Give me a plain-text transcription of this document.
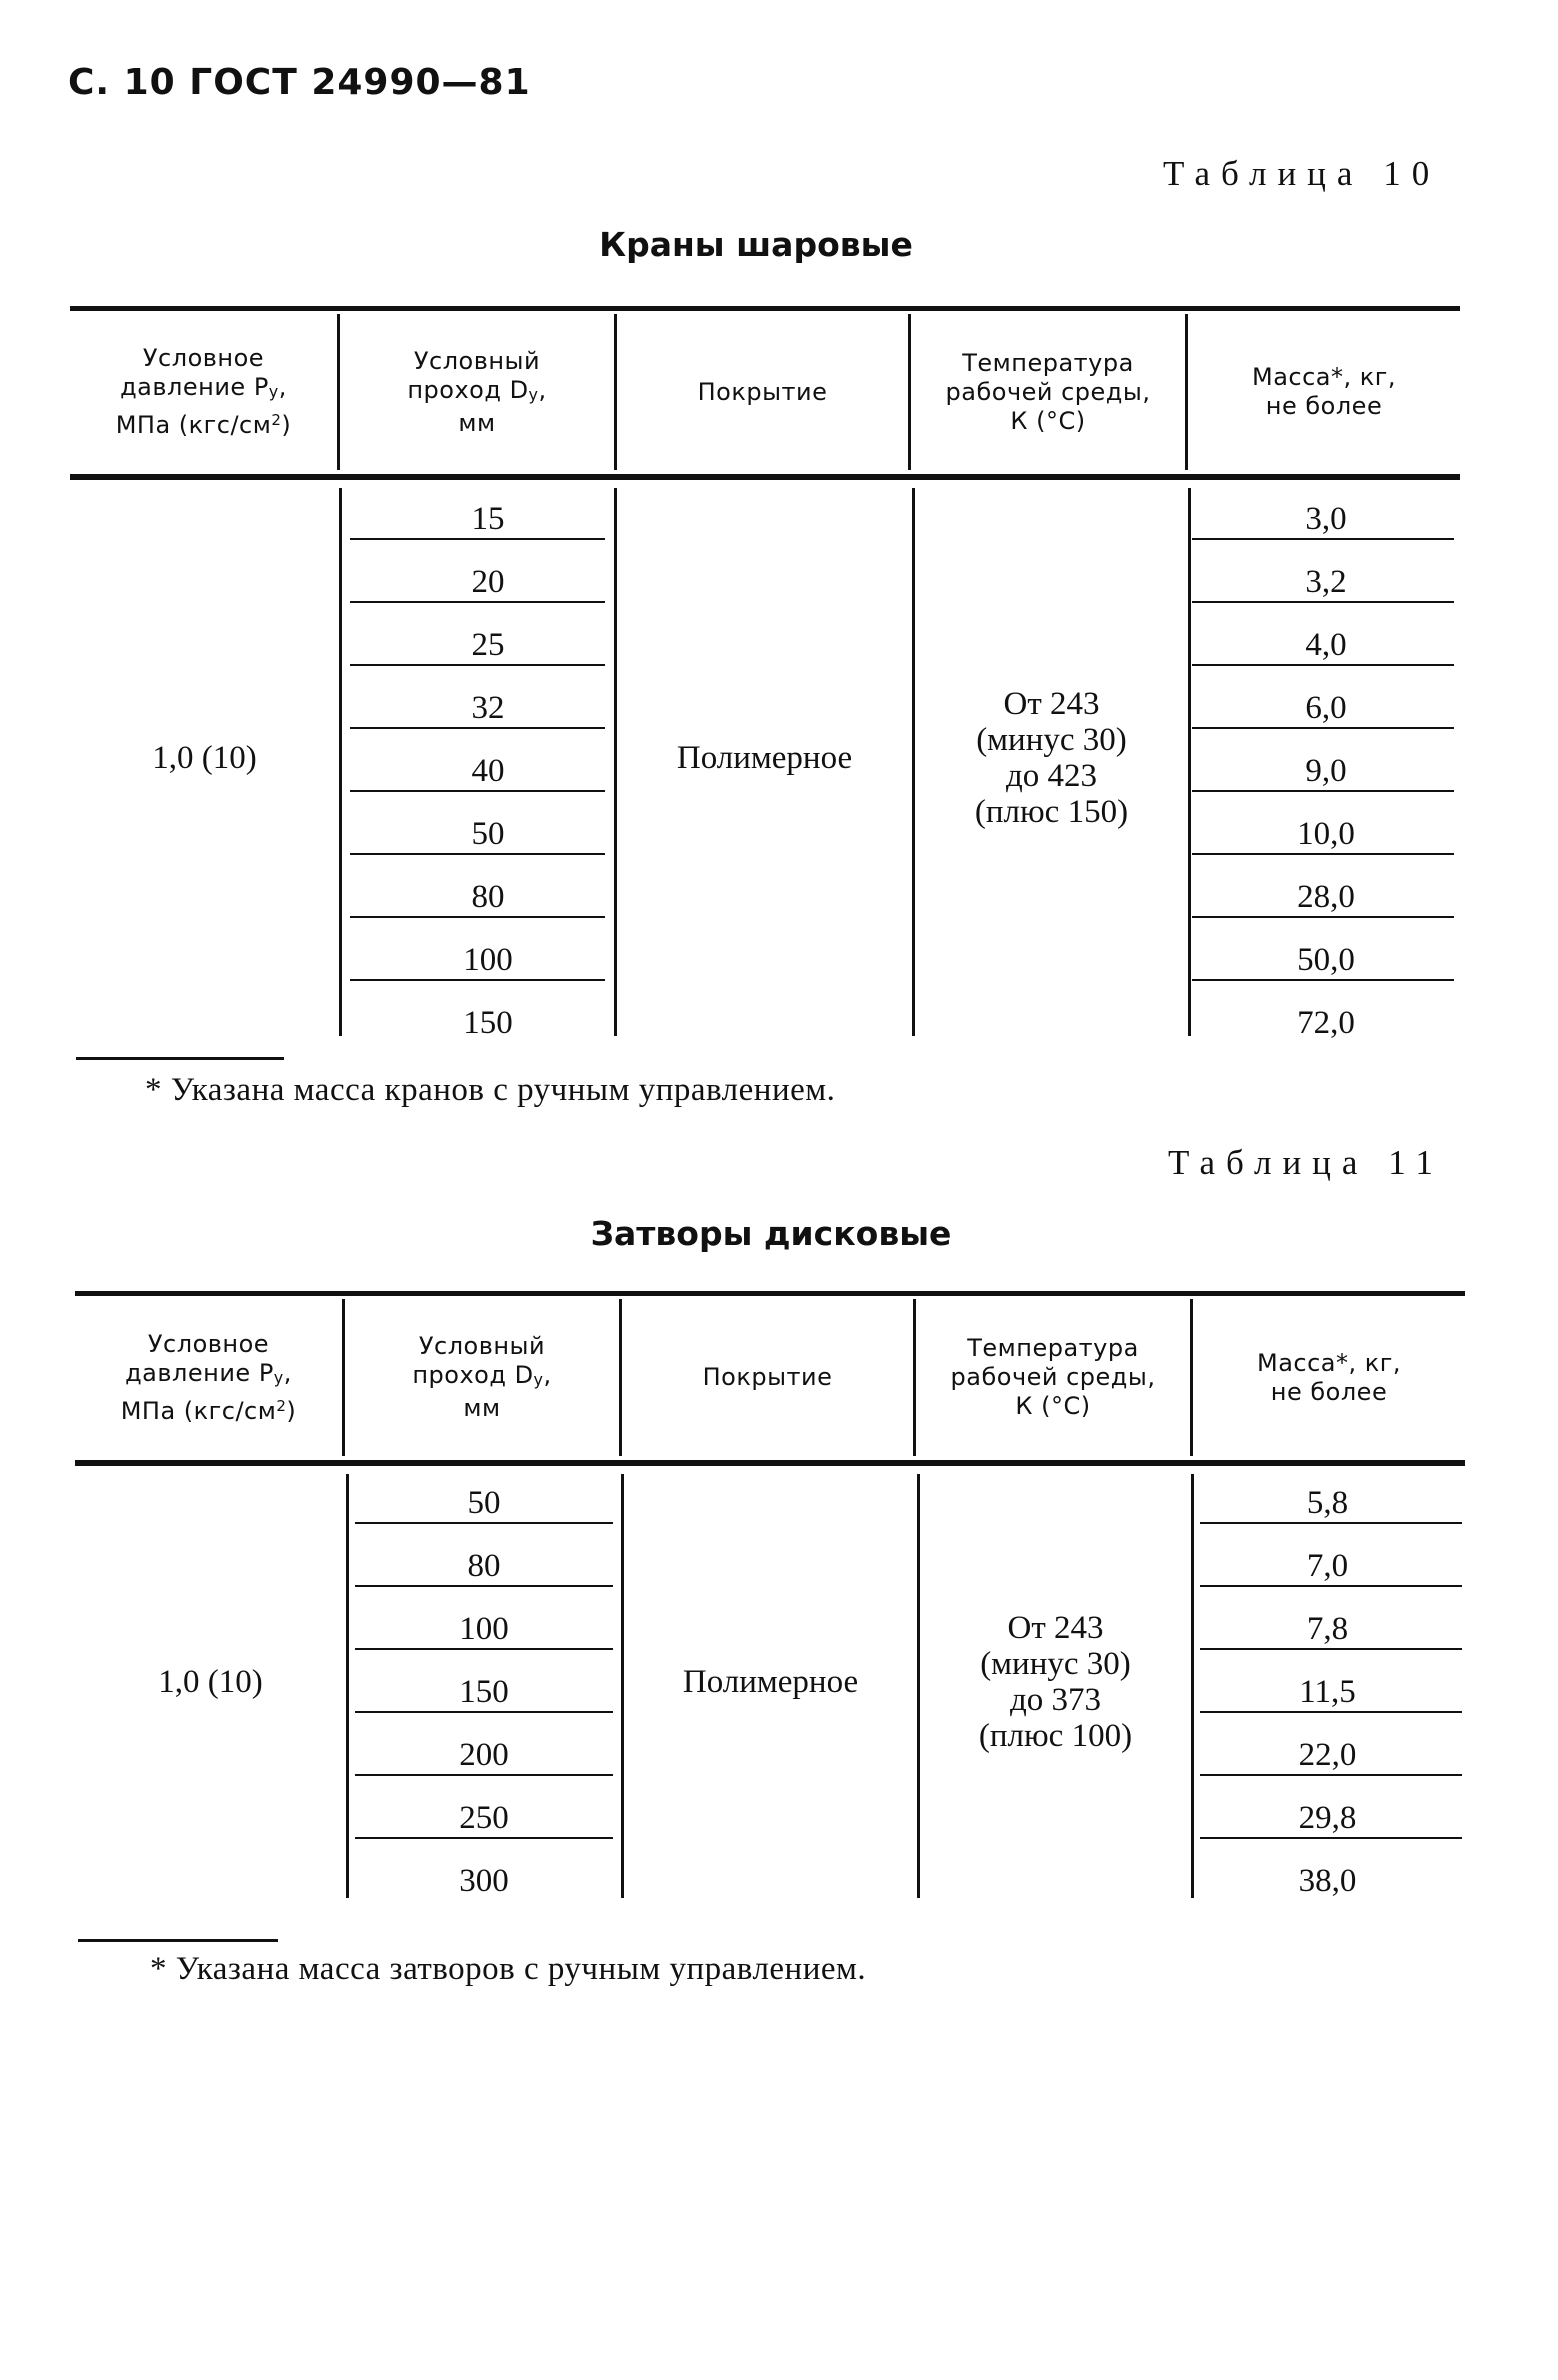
С. 10 ГОСТ 24990—81
Таблица 10
Краны шаровые
Условное
давление $P_у$,
МПа $(кгс/см^2)$
Условный
проход $D_у$,
мм
Покрытие
Температура
рабочей среды,
К (°С)
Масса*, кг,
не более
1,0 (10)	Полимерное
От 243
(минус 30)
до 423
(плюс 150)
15
20
25
32
40
50
80
100
150
3,0
3,2
4,0
6,0
9,0
10,0
28,0
50,0
72,0
* Указана масса кранов с ручным управлением.
Таблица 11
Затворы дисковые
Условное
давление $P_у$,
МПа $(кгс/см^2)$
Условный
проход $D_у$,
мм
Покрытие
Температура
рабочей среды,
К (°С)
Масса*, кг,
не более
1,0 (10)	Полимерное
От 243
(минус 30)
до 373
(плюс 100)
50
80
100
150
200
250
300
5,8
7,0
7,8
11,5
22,0
29,8
38,0
* Указана масса затворов с ручным управлением.
